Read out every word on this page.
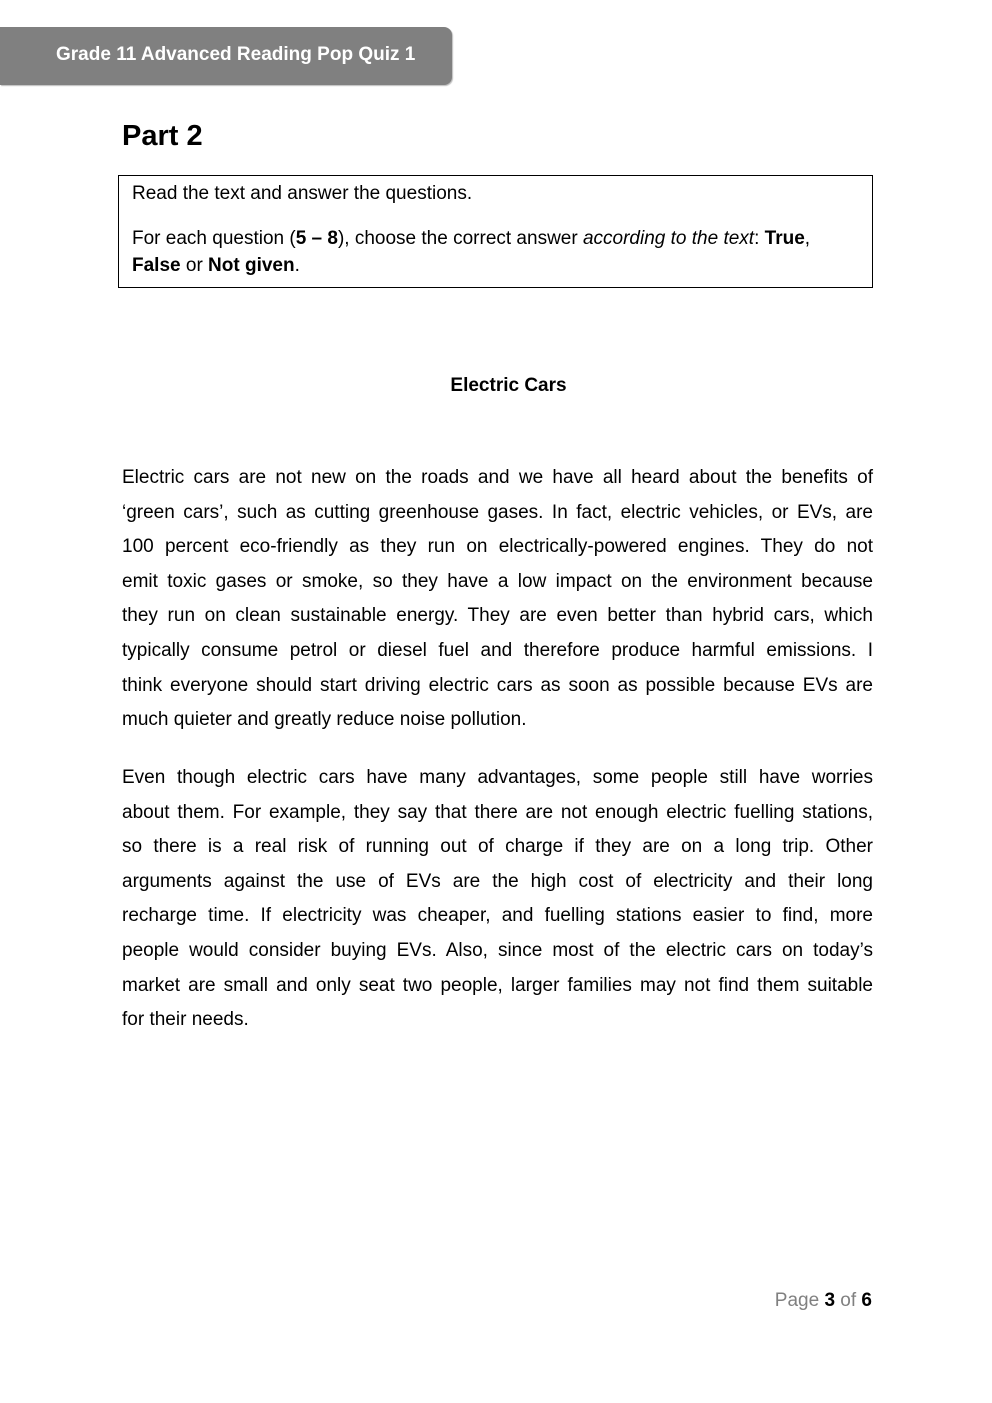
Grade 11 Advanced Reading Pop Quiz 1
Part 2

Read the text and answer the questions.

For each question (5 – 8), choose the correct answer according to the text: True,
False or Not given.

Electric Cars
Electric cars are not new on the roads and we have all heard about the benefits of
‘green cars’, such as cutting greenhouse gases. In fact, electric vehicles, or EVs, are
100 percent eco-friendly as they run on electrically-powered engines. They do not
emit toxic gases or smoke, so they have a low impact on the environment because
they run on clean sustainable energy. They are even better than hybrid cars, which
typically consume petrol or diesel fuel and therefore produce harmful emissions. I
think everyone should start driving electric cars as soon as possible because EVs are
much quieter and greatly reduce noise pollution.
Even though electric cars have many advantages, some people still have worries
about them. For example, they say that there are not enough electric fuelling stations,
so there is a real risk of running out of charge if they are on a long trip. Other
arguments against the use of EVs are the high cost of electricity and their long
recharge time. If electricity was cheaper, and fuelling stations easier to find, more
people would consider buying EVs. Also, since most of the electric cars on today’s
market are small and only seat two people, larger families may not find them suitable
for their needs.
Page 3 of 6
